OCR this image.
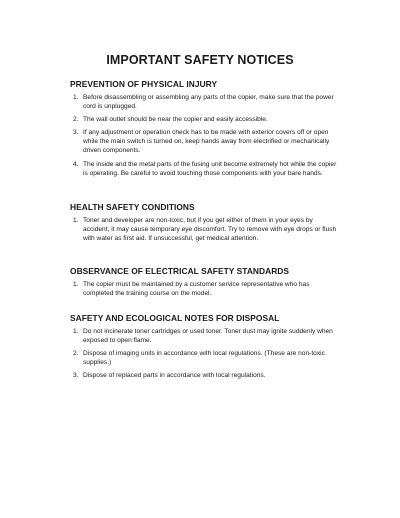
IMPORTANT SAFETY NOTICES
PREVENTION OF PHYSICAL INJURY
1. Before disassembling or assembling any parts of the copier, make sure that the power cord is unplugged.
2. The wall outlet should be near the copier and easily accessible.
3. If any adjustment or operation check has to be made with exterior covers off or open while the main switch is turned on, keep hands away from electrified or mechanically driven components.
4. The inside and the metal parts of the fusing unit become extremely hot while the copier is operating. Be careful to avoid touching those components with your bare hands.
HEALTH SAFETY CONDITIONS
1. Toner and developer are non-toxic, but if you get either of them in your eyes by accident, it may cause temporary eye discomfort. Try to remove with eye drops or flush with water as first aid. If unsuccessful, get medical attention.
OBSERVANCE OF ELECTRICAL SAFETY STANDARDS
1. The copier must be maintained by a customer service representative who has completed the training course on the model.
SAFETY AND ECOLOGICAL NOTES FOR DISPOSAL
1. Do not incinerate toner cartridges or used toner. Toner dust may ignite suddenly when exposed to open flame.
2. Dispose of imaging units in accordance with local regulations. (These are non-toxic supplies.)
3. Dispose of replaced parts in accordance with local regulations.
